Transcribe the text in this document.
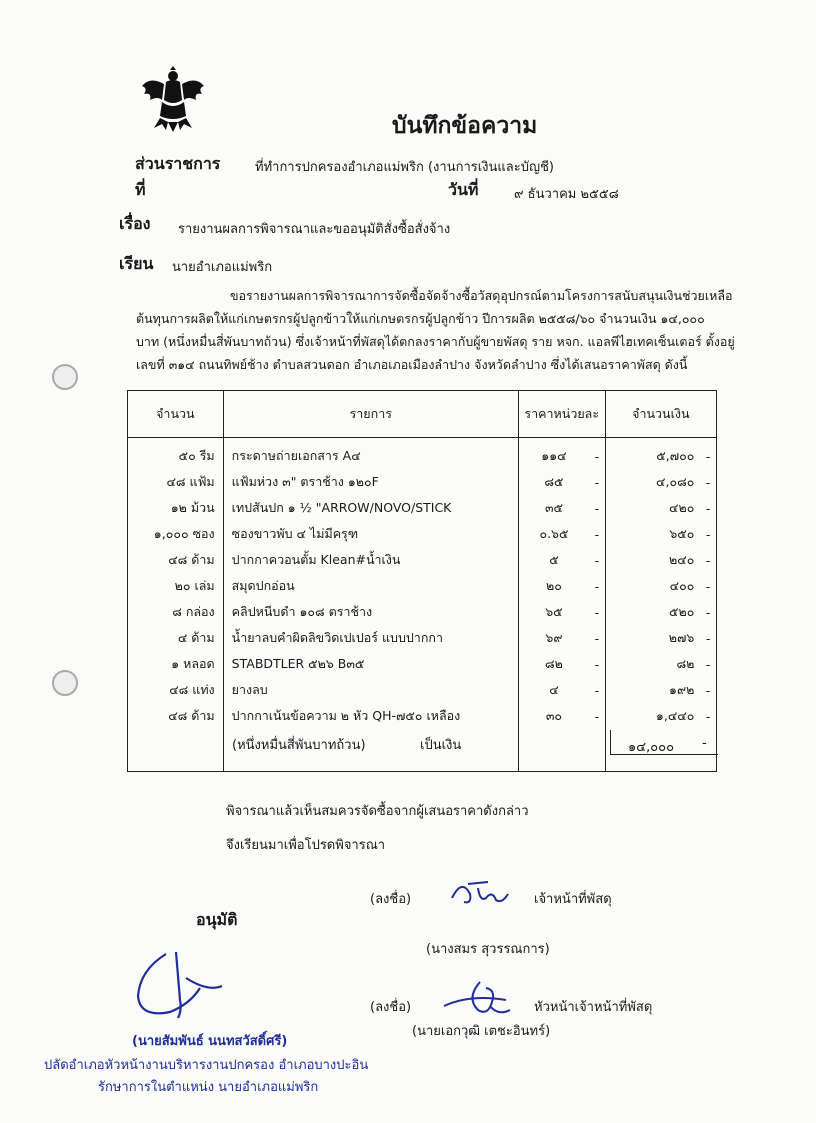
บันทึกข้อความ
ส่วนราชการ	ที่ทำการปกครองอำเภอแม่พริก (งานการเงินและบัญชี)
ที่	วันที่	๙ ธันวาคม ๒๕๕๘
เรื่อง รายงานผลการพิจารณาและขออนุมัติสั่งซื้อสั่งจ้าง
เรียน นายอำเภอแม่พริก
ขอรายงานผลการพิจารณาการจัดซื้อจัดจ้างซื้อวัสดุอุปกรณ์ตามโครงการสนับสนุนเงินช่วยเหลือ
ต้นทุนการผลิตให้แก่เกษตรกรผู้ปลูกข้าวให้แก่เกษตรกรผู้ปลูกข้าว ปีการผลิต ๒๕๕๘/๖๐ จำนวนเงิน ๑๔,๐๐๐
บาท (หนึ่งหมื่นสี่พันบาทถ้วน) ซึ่งเจ้าหน้าที่พัสดุได้ตกลงราคากับผู้ขายพัสดุ ราย หจก. แอลพีไฮเทคเซ็นเตอร์ ตั้งอยู่
เลขที่ ๓๑๔ ถนนทิพย์ช้าง ตำบลสวนดอก อำเภอเภอเมืองลำปาง จังหวัดลำปาง ซึ่งได้เสนอราคาพัสดุ ดังนี้
จำนวน	รายการ	ราคาหน่วยละ		จำนวนเงิน	
๕๐ รีม	กระดาษถ่ายเอกสาร A๔	๑๑๔	-	๕,๗๐๐	-
๔๘ แฟ้ม	แฟ้มห่วง ๓" ตราช้าง ๑๒๐F	๘๕	-	๔,๐๘๐	-
๑๒ ม้วน	เทปสันปก ๑ ½ "ARROW/NOVO/STICK	๓๕	-	๔๒๐	-
๑,๐๐๐ ซอง	ซองขาวพับ ๔ ไม่มีครุฑ	๐.๖๕	-	๖๕๐	-
๔๘ ด้าม	ปากกาควอนตั้ม Klean#น้ำเงิน	๕	-	๒๔๐	-
๒๐ เล่ม	สมุดปกอ่อน	๒๐	-	๔๐๐	-
๘ กล่อง	คลิปหนีบดำ ๑๐๘ ตราช้าง	๖๕	-	๕๒๐	-
๔ ด้าม	น้ำยาลบคำผิดลิขวิดเปเปอร์ แบบปากกา	๖๙	-	๒๗๖	-
๑ หลอด	STABDTLER ๕๒๖ B๓๕	๘๒	-	๘๒	-
๔๘ แท่ง	ยางลบ	๔	-	๑๙๒	-
๔๘ ด้าม	ปากกาเน้นข้อความ ๒ หัว QH-๗๕๐ เหลือง	๓๐	-	๑,๔๔๐	-

(หนึ่งหมื่นสี่พันบาทถ้วน)	เป็นเงิน	๑๔,๐๐๐ -
พิจารณาแล้วเห็นสมควรจัดซื้อจากผู้เสนอราคาดังกล่าว
จึงเรียนมาเพื่อโปรดพิจารณา
(ลงชื่อ)	เจ้าหน้าที่พัสดุ
(นางสมร สุวรรณการ)
อนุมัติ
(ลงชื่อ)	หัวหน้าเจ้าหน้าที่พัสดุ
(นายเอกวุฒิ เตชะอินทร์)
(นายสัมพันธ์ นนทสวัสดิ์ศรี)
ปลัดอำเภอหัวหน้างานบริหารงานปกครอง อำเภอบางปะอิน
รักษาการในตำแหน่ง นายอำเภอแม่พริก
